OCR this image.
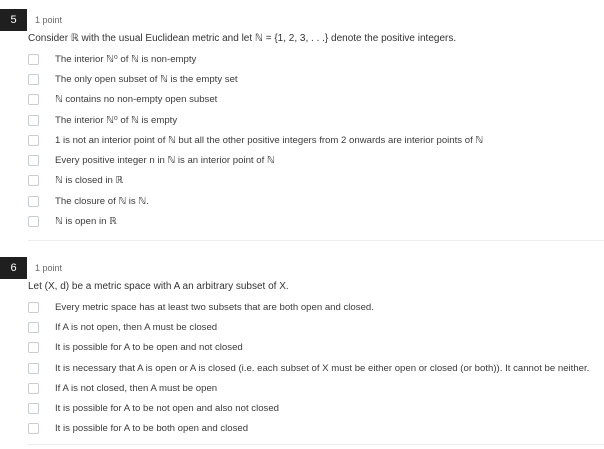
5	1 point
Consider ℝ with the usual Euclidean metric and let ℕ = {1, 2, 3, . . .} denote the positive integers.
The interior ℕ⁰ of ℕ is non-empty
The only open subset of ℕ is the empty set
ℕ contains no non-empty open subset
The interior ℕ⁰ of ℕ is empty
1 is not an interior point of ℕ but all the other positive integers from 2 onwards are interior points of ℕ
Every positive integer n in ℕ is an interior point of ℕ
ℕ is closed in ℝ
The closure of ℕ is ℕ.
ℕ is open in ℝ
6	1 point
Let (X, d) be a metric space with A an arbitrary subset of X.
Every metric space has at least two subsets that are both open and closed.
If A is not open, then A must be closed
It is possible for A to be open and not closed
It is necessary that A is open or A is closed (i.e. each subset of X must be either open or closed (or both)). It cannot be neither.
If A is not closed, then A must be open
It is possible for A to be not open and also not closed
It is possible for A to be both open and closed
